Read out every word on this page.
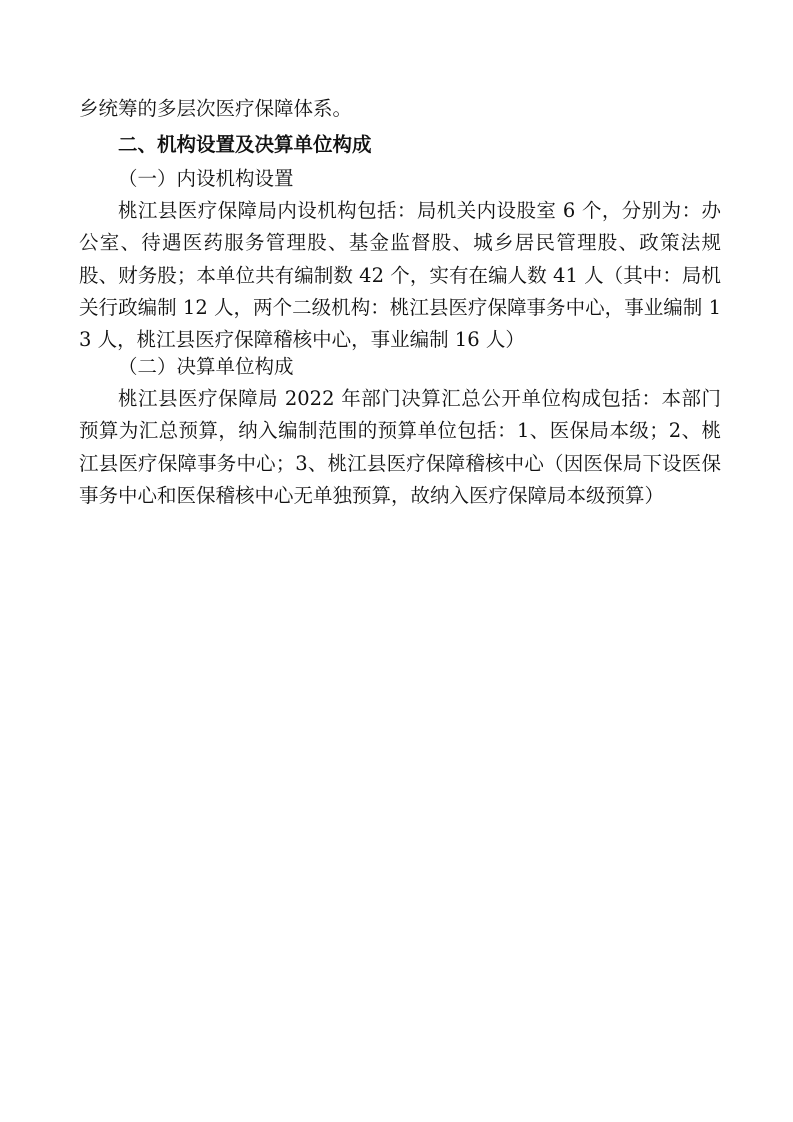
乡统筹的多层次医疗保障体系。
二、机构设置及决算单位构成
（一）内设机构设置
桃江县医疗保障局内设机构包括：局机关内设股室 6 个，分别为：办公室、待遇医药服务管理股、基金监督股、城乡居民管理股、政策法规股、财务股；本单位共有编制数 42 个，实有在编人数 41 人（其中：局机关行政编制 12 人，两个二级机构：桃江县医疗保障事务中心，事业编制 13 人，桃江县医疗保障稽核中心，事业编制 16 人）
（二）决算单位构成
桃江县医疗保障局 2022 年部门决算汇总公开单位构成包括：本部门预算为汇总预算，纳入编制范围的预算单位包括：1、医保局本级；2、桃江县医疗保障事务中心；3、桃江县医疗保障稽核中心（因医保局下设医保事务中心和医保稽核中心无单独预算，故纳入医疗保障局本级预算）
